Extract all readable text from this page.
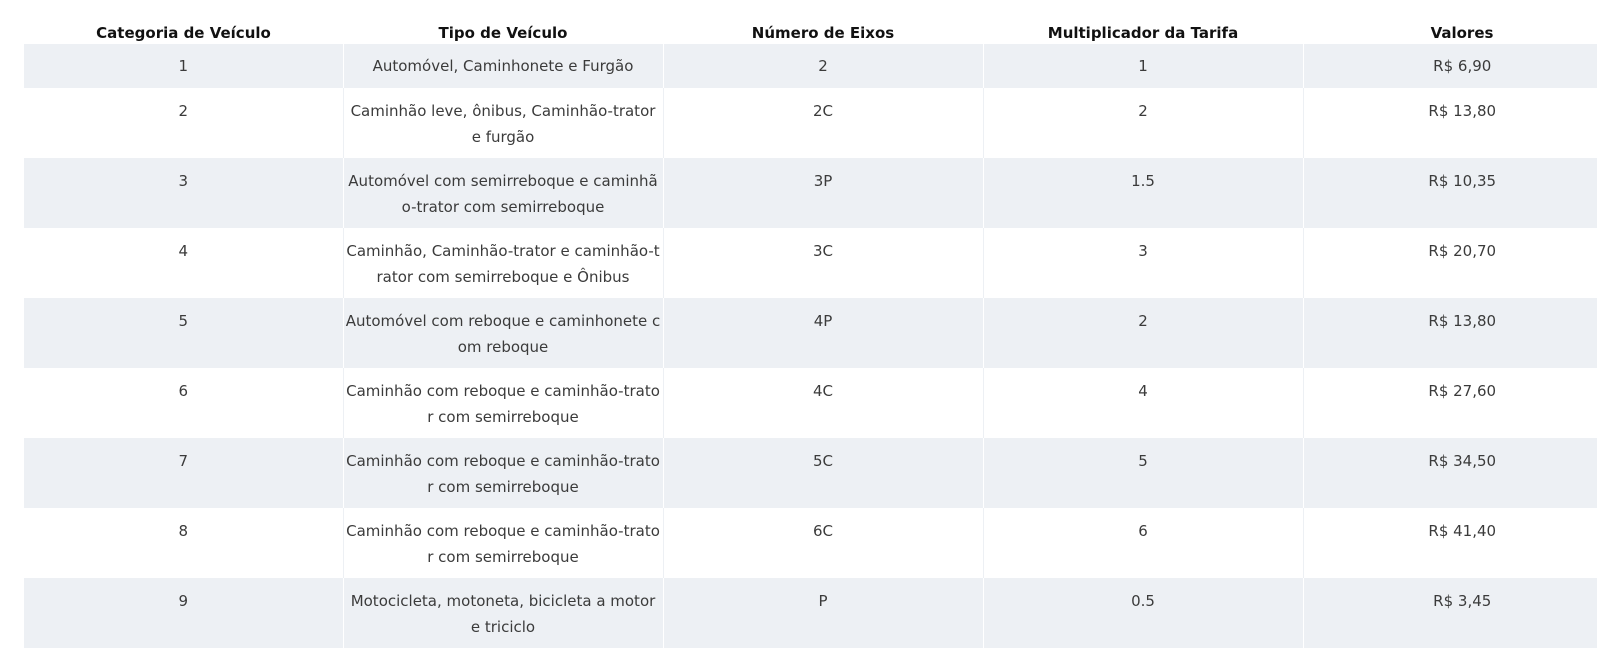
Categoria de Veículo	Tipo de Veículo	Número de Eixos	Multiplicador da Tarifa	Valores
1	Automóvel, Caminhonete e Furgão	2	1	R$ 6,90
2	Caminhão leve, ônibus, Caminhão-trator e furgão	2C	2	R$ 13,80
3	Automóvel com semirreboque e caminhão-trator com semirreboque	3P	1.5	R$ 10,35
4	Caminhão, Caminhão-trator e caminhão-trator com semirreboque e Ônibus	3C	3	R$ 20,70
5	Automóvel com reboque e caminhonete com reboque	4P	2	R$ 13,80
6	Caminhão com reboque e caminhão-trator com semirreboque	4C	4	R$ 27,60
7	Caminhão com reboque e caminhão-trator com semirreboque	5C	5	R$ 34,50
8	Caminhão com reboque e caminhão-trator com semirreboque	6C	6	R$ 41,40
9	Motocicleta, motoneta, bicicleta a motor e triciclo	P	0.5	R$ 3,45
